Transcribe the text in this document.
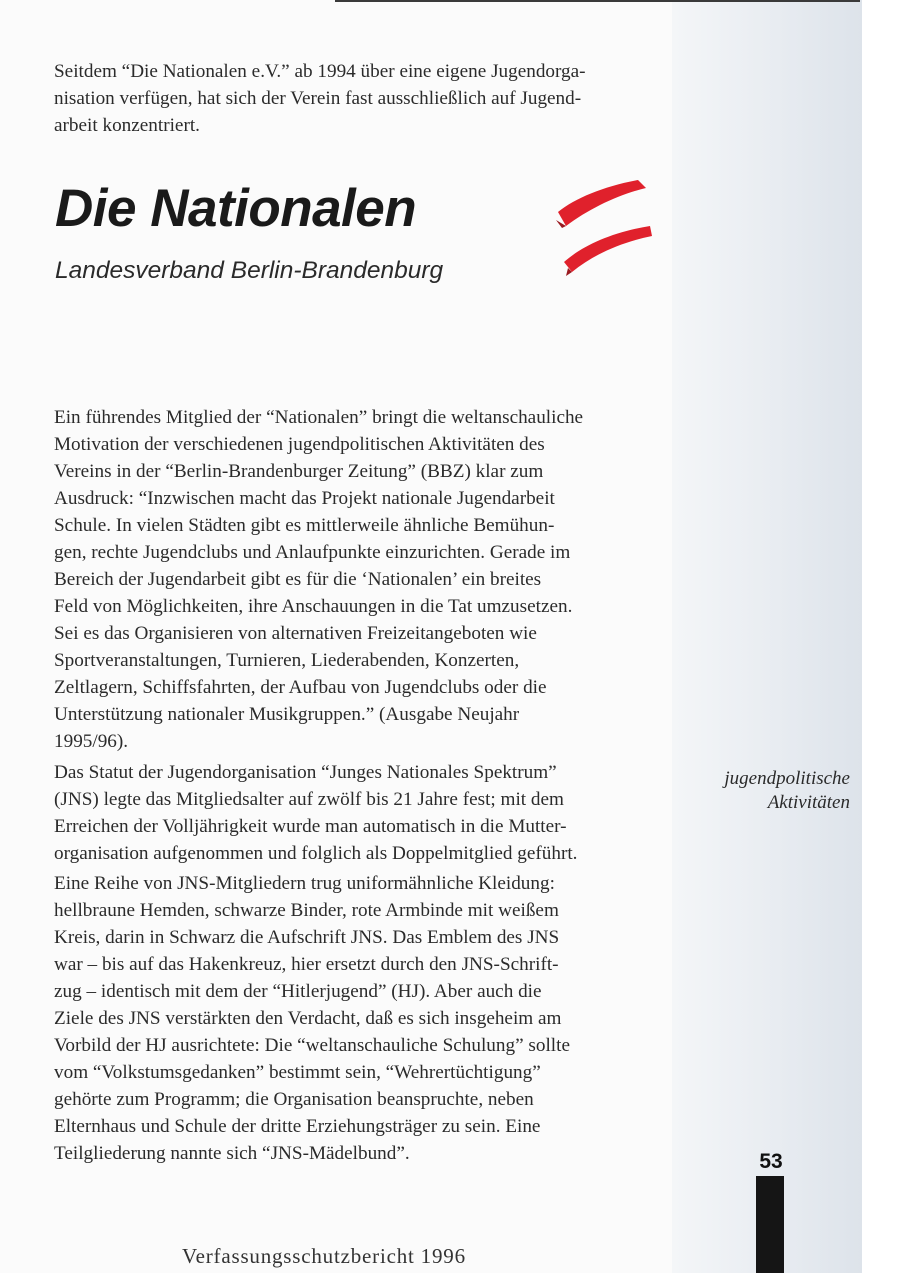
Seitdem “Die Nationalen e.V.” ab 1994 über eine eigene Jugendorga-
nisation verfügen, hat sich der Verein fast ausschließlich auf Jugend-
arbeit konzentriert.

Die Nationalen
Landesverband Berlin-Brandenburg

Ein führendes Mitglied der “Nationalen” bringt die weltanschauliche
Motivation der verschiedenen jugendpolitischen Aktivitäten des
Vereins in der “Berlin-Brandenburger Zeitung” (BBZ) klar zum
Ausdruck: “Inzwischen macht das Projekt nationale Jugendarbeit
Schule. In vielen Städten gibt es mittlerweile ähnliche Bemühun-
gen, rechte Jugendclubs und Anlaufpunkte einzurichten. Gerade im
Bereich der Jugendarbeit gibt es für die ‘Nationalen’ ein breites
Feld von Möglichkeiten, ihre Anschauungen in die Tat umzusetzen.
Sei es das Organisieren von alternativen Freizeitangeboten wie
Sportveranstaltungen, Turnieren, Liederabenden, Konzerten,
Zeltlagern, Schiffsfahrten, der Aufbau von Jugendclubs oder die
Unterstützung nationaler Musikgruppen.” (Ausgabe Neujahr
1995/96).

Das Statut der Jugendorganisation “Junges Nationales Spektrum”
(JNS) legte das Mitgliedsalter auf zwölf bis 21 Jahre fest; mit dem
Erreichen der Volljährigkeit wurde man automatisch in die Mutter-
organisation aufgenommen und folglich als Doppelmitglied geführt.

Eine Reihe von JNS-Mitgliedern trug uniformähnliche Kleidung:
hellbraune Hemden, schwarze Binder, rote Armbinde mit weißem
Kreis, darin in Schwarz die Aufschrift JNS. Das Emblem des JNS
war – bis auf das Hakenkreuz, hier ersetzt durch den JNS-Schrift-
zug – identisch mit dem der “Hitlerjugend” (HJ). Aber auch die
Ziele des JNS verstärkten den Verdacht, daß es sich insgeheim am
Vorbild der HJ ausrichtete: Die “weltanschauliche Schulung” sollte
vom “Volkstumsgedanken” bestimmt sein, “Wehrertüchtigung”
gehörte zum Programm; die Organisation beanspruchte, neben
Elternhaus und Schule der dritte Erziehungsträger zu sein. Eine
Teilgliederung nannte sich “JNS-Mädelbund”.

jugendpolitische
Aktivitäten
53
Verfassungsschutzbericht 1996
